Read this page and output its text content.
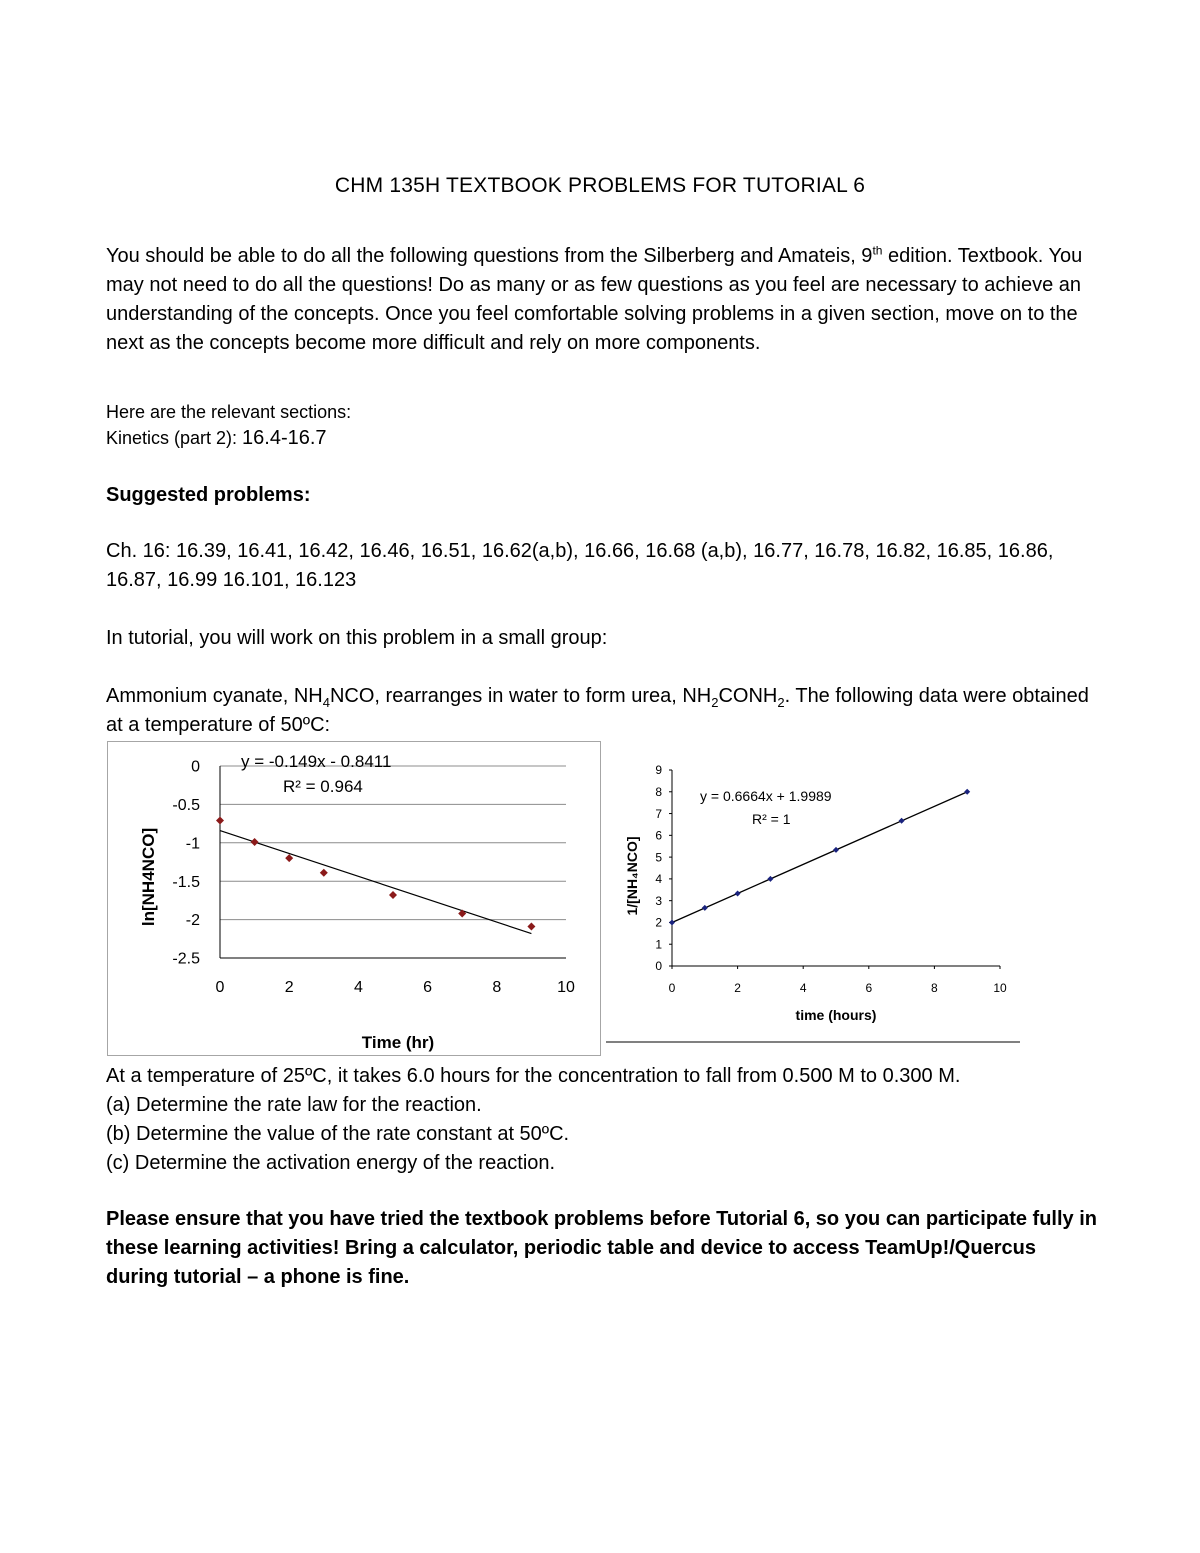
CHM 135H TEXTBOOK PROBLEMS FOR TUTORIAL 6
You should be able to do all the following questions from the Silberberg and Amateis, 9th edition. Textbook. You may not need to do all the questions! Do as many or as few questions as you feel are necessary to achieve an understanding of the concepts. Once you feel comfortable solving problems in a given section, move on to the next as the concepts become more difficult and rely on more components.
Here are the relevant sections:
Kinetics (part 2): 16.4-16.7
Suggested problems:
Ch. 16: 16.39, 16.41, 16.42, 16.46, 16.51, 16.62(a,b), 16.66, 16.68 (a,b), 16.77, 16.78, 16.82, 16.85, 16.86, 16.87, 16.99 16.101, 16.123
In tutorial, you will work on this problem in a small group:
Ammonium cyanate, $NH_4NCO$, rearranges in water to form urea, $NH_2CONH_2$. The following data were obtained at a temperature of 50ºC:
0
-0.5
-1
-1.5
-2
-2.5
0	2	4	6	8	10
y = -0.149x - 0.8411
R² = 0.964
Time (hr)
ln[NH4NCO]
0
1
2
3
4
5
6
7
8
9
0	2	4	6	8	10
y = 0.6664x + 1.9989
R² = 1
time (hours)
1/[NH₄NCO]
At a temperature of 25ºC, it takes 6.0 hours for the concentration to fall from 0.500 M to 0.300 M.
(a) Determine the rate law for the reaction.
(b) Determine the value of the rate constant at 50ºC.
(c) Determine the activation energy of the reaction.
Please ensure that you have tried the textbook problems before Tutorial 6, so you can participate fully in these learning activities! Bring a calculator, periodic table and device to access TeamUp!/Quercus during tutorial – a phone is fine.
